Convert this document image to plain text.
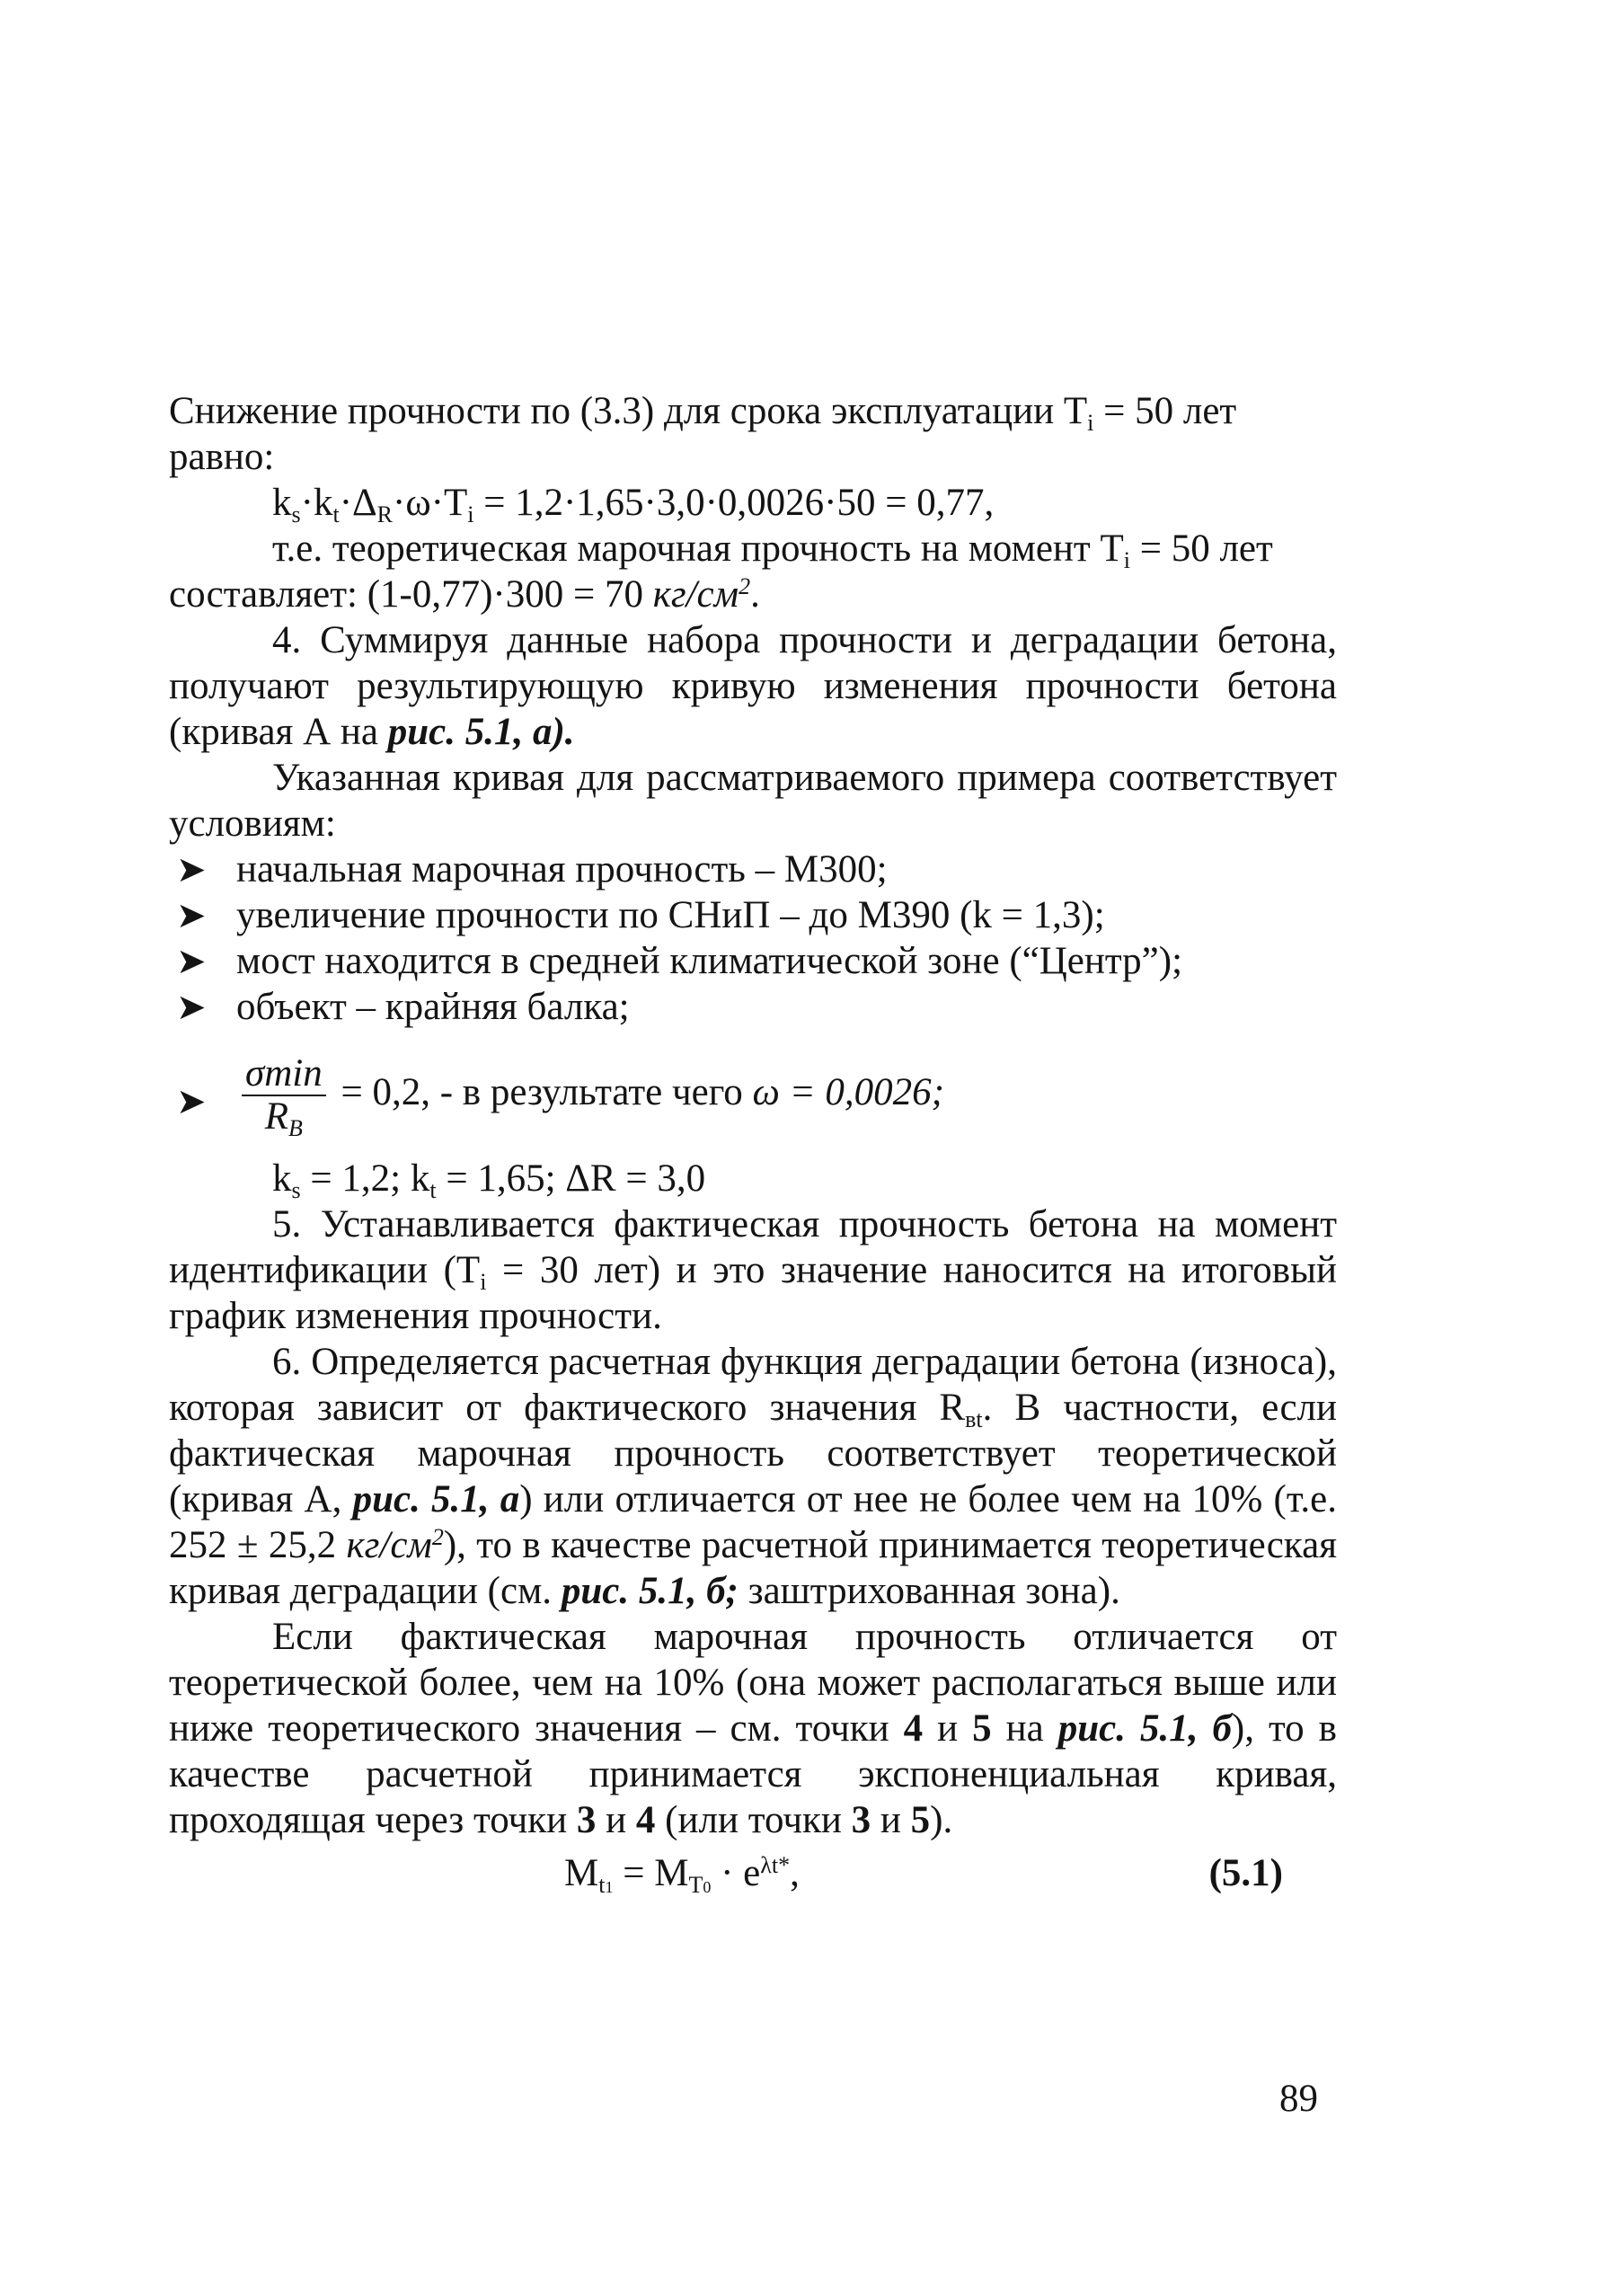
Снижение прочности по (3.3) для срока эксплуатации $T_i = 50$ лет
равно:

$k_s\cdot k_t\cdot\Delta_R\cdot\omega\cdot T_i = 1,2\cdot 1,65\cdot 3,0\cdot 0,0026\cdot 50 = 0,77$,

т.е. теоретическая марочная прочность на момент $T_i = 50$ лет
составляет: (1-0,77)·300 = 70 $кг/см^2$.

4. Суммируя данные набора прочности и деградации бетона, получают результирующую кривую изменения прочности бетона (кривая А на рис. 5.1, а).

Указанная кривая для рассматриваемого примера соответствует условиям:

➤ начальная марочная прочность – М300;
➤ увеличение прочности по СНиП – до М390 (k = 1,3);
➤ мост находится в средней климатической зоне (“Центр”);
➤ объект – крайняя балка;
➤ $\frac{\sigma\min}{R_В} = 0,2$, - в результате чего ω = 0,0026;

$k_s = 1,2$; $k_t = 1,65$; ΔR = 3,0

5. Устанавливается фактическая прочность бетона на момент идентификации ($T_i = 30$ лет) и это значение наносится на итоговый график изменения прочности.

6. Определяется расчетная функция деградации бетона (износа), которая зависит от фактического значения $R_{вt}$. В частности, если фактическая марочная прочность соответствует теоретической (кривая А, рис. 5.1, а) или отличается от нее не более чем на 10% (т.е. 252 ± 25,2 $кг/см^2$), то в качестве расчетной принимается теоретическая кривая деградации (см. рис. 5.1, б; заштрихованная зона).

Если фактическая марочная прочность отличается от теоретической более, чем на 10% (она может располагаться выше или ниже теоретического значения – см. точки 4 и 5 на рис. 5.1, б), то в качестве расчетной принимается экспоненциальная кривая, проходящая через точки 3 и 4 (или точки 3 и 5).

$M_{t1} = M_{T0} \cdot e^{\lambda t*}$,	(5.1)
89
